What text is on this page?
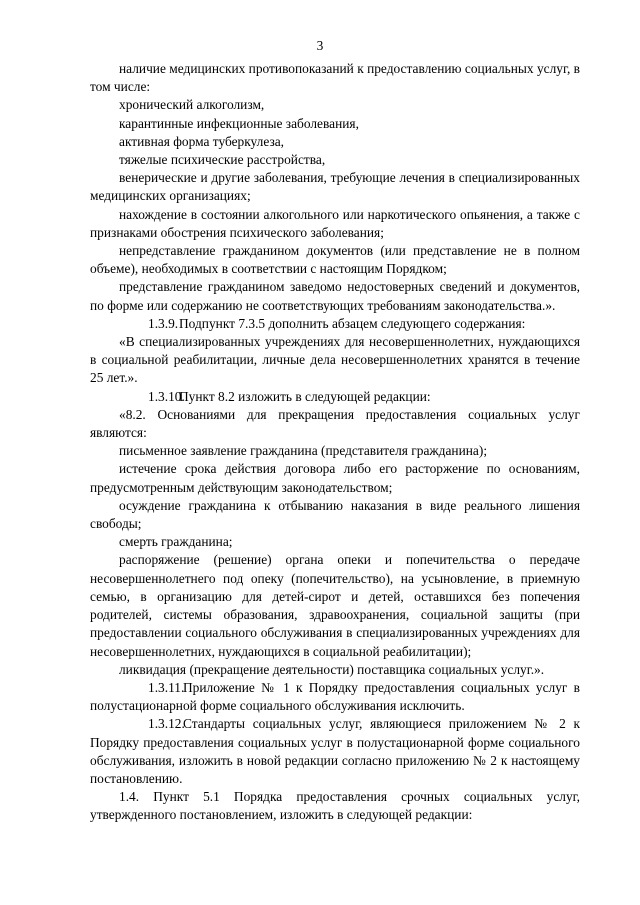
3

наличие медицинских противопоказаний к предоставлению социальных услуг, в том числе:

хронический алкоголизм,

карантинные инфекционные заболевания,

активная форма туберкулеза,

тяжелые психические расстройства,

венерические и другие заболевания, требующие лечения в специализированных медицинских организациях;

нахождение в состоянии алкогольного или наркотического опьянения, а также с признаками обострения психического заболевания;

непредставление гражданином документов (или представление не в полном объеме), необходимых в соответствии с настоящим Порядком;

представление гражданином заведомо недостоверных сведений и документов, по форме или содержанию не соответствующих требованиям законодательства.».

1.3.9.Подпункт 7.3.5 дополнить абзацем следующего содержания:

«В специализированных учреждениях для несовершеннолетних, нуждающихся в социальной реабилитации, личные дела несовершеннолетних хранятся в течение 25 лет.».

1.3.10.Пункт 8.2 изложить в следующей редакции:

«8.2. Основаниями для прекращения предоставления социальных услуг являются:

письменное заявление гражданина (представителя гражданина);

истечение срока действия договора либо его расторжение по основаниям, предусмотренным действующим законодательством;

осуждение гражданина к отбыванию наказания в виде реального лишения свободы;

смерть гражданина;

распоряжение (решение) органа опеки и попечительства о передаче несовершеннолетнего под опеку (попечительство), на усыновление, в приемную семью, в организацию для детей-сирот и детей, оставшихся без попечения родителей, системы образования, здравоохранения, социальной защиты (при предоставлении социального обслуживания в специализированных учреждениях для несовершеннолетних, нуждающихся в социальной реабилитации);

ликвидация (прекращение деятельности) поставщика социальных услуг.».

1.3.11.Приложение № 1 к Порядку предоставления социальных услуг в полустационарной форме социального обслуживания исключить.

1.3.12.Стандарты социальных услуг, являющиеся приложением № 2 к Порядку предоставления социальных услуг в полустационарной форме социального обслуживания, изложить в новой редакции согласно приложению № 2 к настоящему постановлению.

1.4. Пункт 5.1 Порядка предоставления срочных социальных услуг, утвержденного постановлением, изложить в следующей редакции:
